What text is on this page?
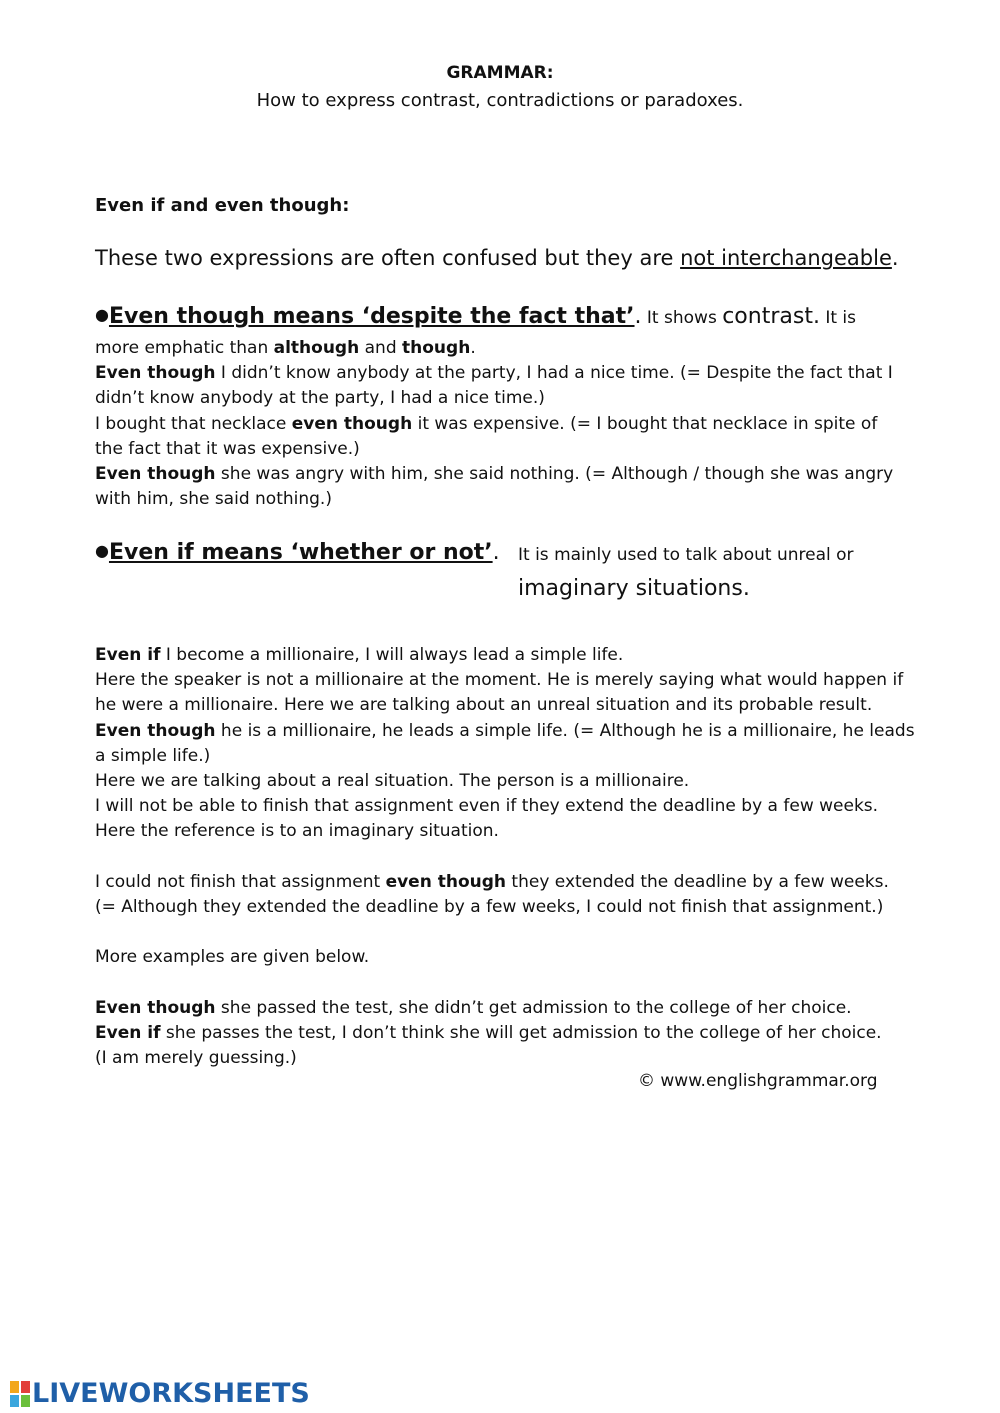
GRAMMAR:
How to express contrast, contradictions or paradoxes.
Even if and even though:
These two expressions are often confused but they are not interchangeable.
●Even though means ‘despite the fact that’. It shows contrast. It is
more emphatic than although and though.
Even though I didn’t know anybody at the party, I had a nice time. (= Despite the fact that I
didn’t know anybody at the party, I had a nice time.)
I bought that necklace even though it was expensive. (= I bought that necklace in spite of
the fact that it was expensive.)
Even though she was angry with him, she said nothing. (= Although / though she was angry
with him, she said nothing.)
●Even if means ‘whether or not’. It is mainly used to talk about unreal or
imaginary situations.
Even if I become a millionaire, I will always lead a simple life.
Here the speaker is not a millionaire at the moment. He is merely saying what would happen if
he were a millionaire. Here we are talking about an unreal situation and its probable result.
Even though he is a millionaire, he leads a simple life. (= Although he is a millionaire, he leads
a simple life.)
Here we are talking about a real situation. The person is a millionaire.
I will not be able to finish that assignment even if they extend the deadline by a few weeks.
Here the reference is to an imaginary situation.
I could not finish that assignment even though they extended the deadline by a few weeks.
(= Although they extended the deadline by a few weeks, I could not finish that assignment.)
More examples are given below.
Even though she passed the test, she didn’t get admission to the college of her choice.
Even if she passes the test, I don’t think she will get admission to the college of her choice.
(I am merely guessing.)
© www.englishgrammar.org
LIVEWORKSHEETS
